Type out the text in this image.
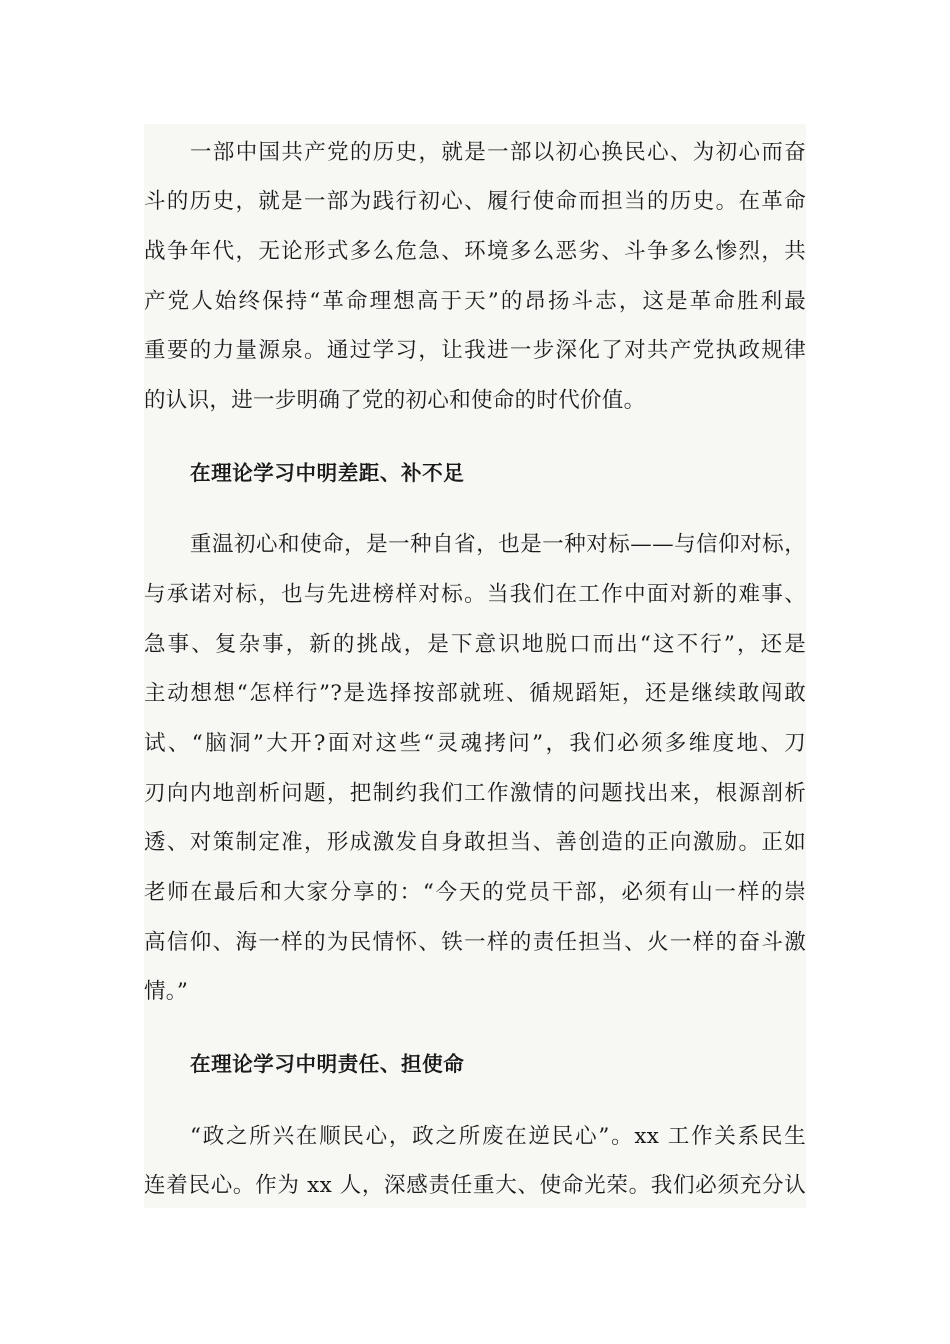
一部中国共产党的历史，就是一部以初心换民心、为初心而奋
斗的历史，就是一部为践行初心、履行使命而担当的历史。在革命
战争年代，无论形式多么危急、环境多么恶劣、斗争多么惨烈，共
产党人始终保持“革命理想高于天”的昂扬斗志，这是革命胜利最
重要的力量源泉。通过学习，让我进一步深化了对共产党执政规律
的认识，进一步明确了党的初心和使命的时代价值。
在理论学习中明差距、补不足
重温初心和使命，是一种自省，也是一种对标——与信仰对标，
与承诺对标，也与先进榜样对标。当我们在工作中面对新的难事、
急事、复杂事，新的挑战，是下意识地脱口而出“这不行”，还是
主动想想“怎样行”?是选择按部就班、循规蹈矩，还是继续敢闯敢
试、“脑洞”大开?面对这些“灵魂拷问”，我们必须多维度地、刀
刃向内地剖析问题，把制约我们工作激情的问题找出来，根源剖析
透、对策制定准，形成激发自身敢担当、善创造的正向激励。正如
老师在最后和大家分享的：“今天的党员干部，必须有山一样的崇
高信仰、海一样的为民情怀、铁一样的责任担当、火一样的奋斗激
情。”
在理论学习中明责任、担使命
“政之所兴在顺民心，政之所废在逆民心”。xx 工作关系民生
连着民心。作为 xx 人，深感责任重大、使命光荣。我们必须充分认
